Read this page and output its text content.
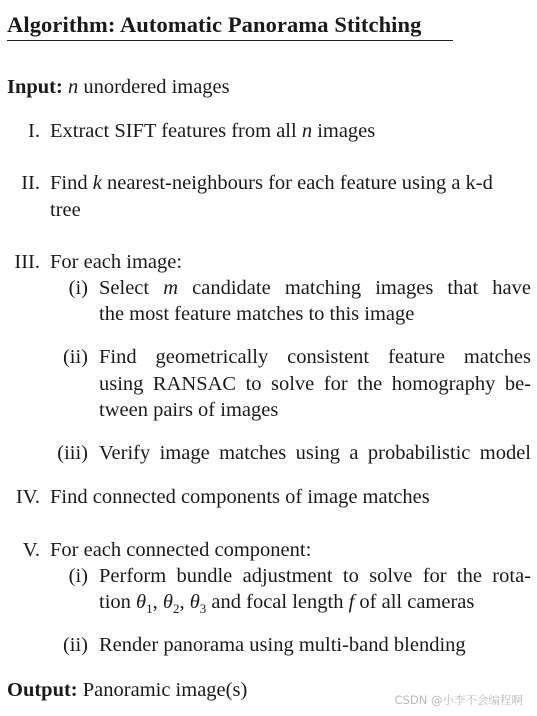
Algorithm: Automatic Panorama Stitching
Input: n unordered images
I. Extract SIFT features from all n images
II. Find k nearest-neighbours for each feature using a k-d
tree
III. For each image:
(i) Select m candidate matching images that have
the most feature matches to this image
(ii) Find geometrically consistent feature matches
using RANSAC to solve for the homography be-
tween pairs of images
(iii) Verify image matches using a probabilistic model
IV. Find connected components of image matches
V. For each connected component:
(i) Perform bundle adjustment to solve for the rota-
tion $\theta_1$, $\theta_2$, $\theta_3$ and focal length f of all cameras
(ii) Render panorama using multi-band blending
Output: Panoramic image(s)	CSDN @小李不会编程啊
